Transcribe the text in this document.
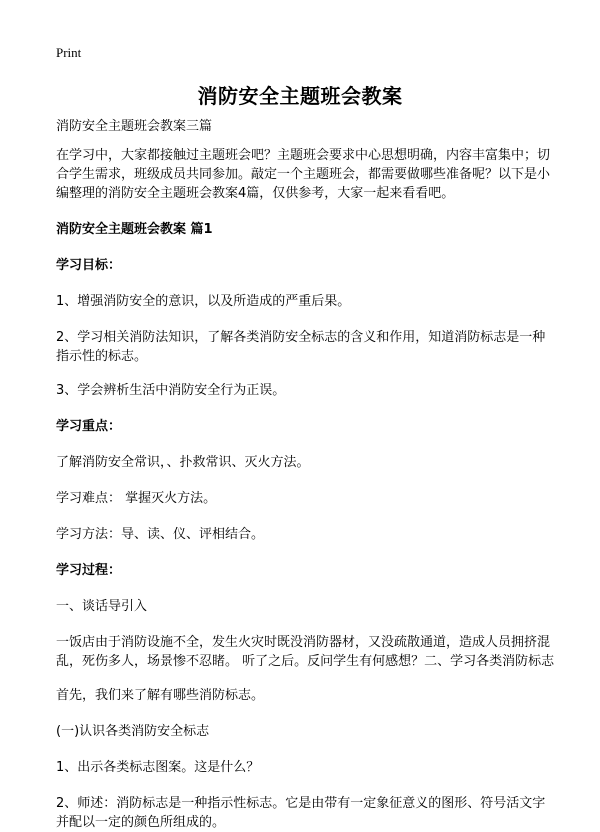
Print
消防安全主题班会教案

消防安全主题班会教案三篇

在学习中，大家都接触过主题班会吧？主题班会要求中心思想明确，内容丰富集中；切合学生需求，班级成员共同参加。敲定一个主题班会，都需要做哪些准备呢？以下是小编整理的消防安全主题班会教案4篇，仅供参考，大家一起来看看吧。

消防安全主题班会教案 篇1

学习目标：

1、增强消防安全的意识，以及所造成的严重后果。

2、学习相关消防法知识，了解各类消防安全标志的含义和作用，知道消防标志是一种指示性的标志。

3、学会辨析生活中消防安全行为正误。

学习重点：

了解消防安全常识，、扑救常识、灭火方法。

学习难点： 掌握灭火方法。

学习方法：导、读、仪、评相结合。

学习过程：

一、谈话导引入

一饭店由于消防设施不全，发生火灾时既没消防器材，又没疏散通道，造成人员拥挤混乱，死伤多人，场景惨不忍睹。 听了之后。反问学生有何感想？二、学习各类消防标志

首先，我们来了解有哪些消防标志。

(一)认识各类消防安全标志

1、出示各类标志图案。这是什么？

2、师述：消防标志是一种指示性标志。它是由带有一定象征意义的图形、符号活文字并配以一定的颜色所组成的。
